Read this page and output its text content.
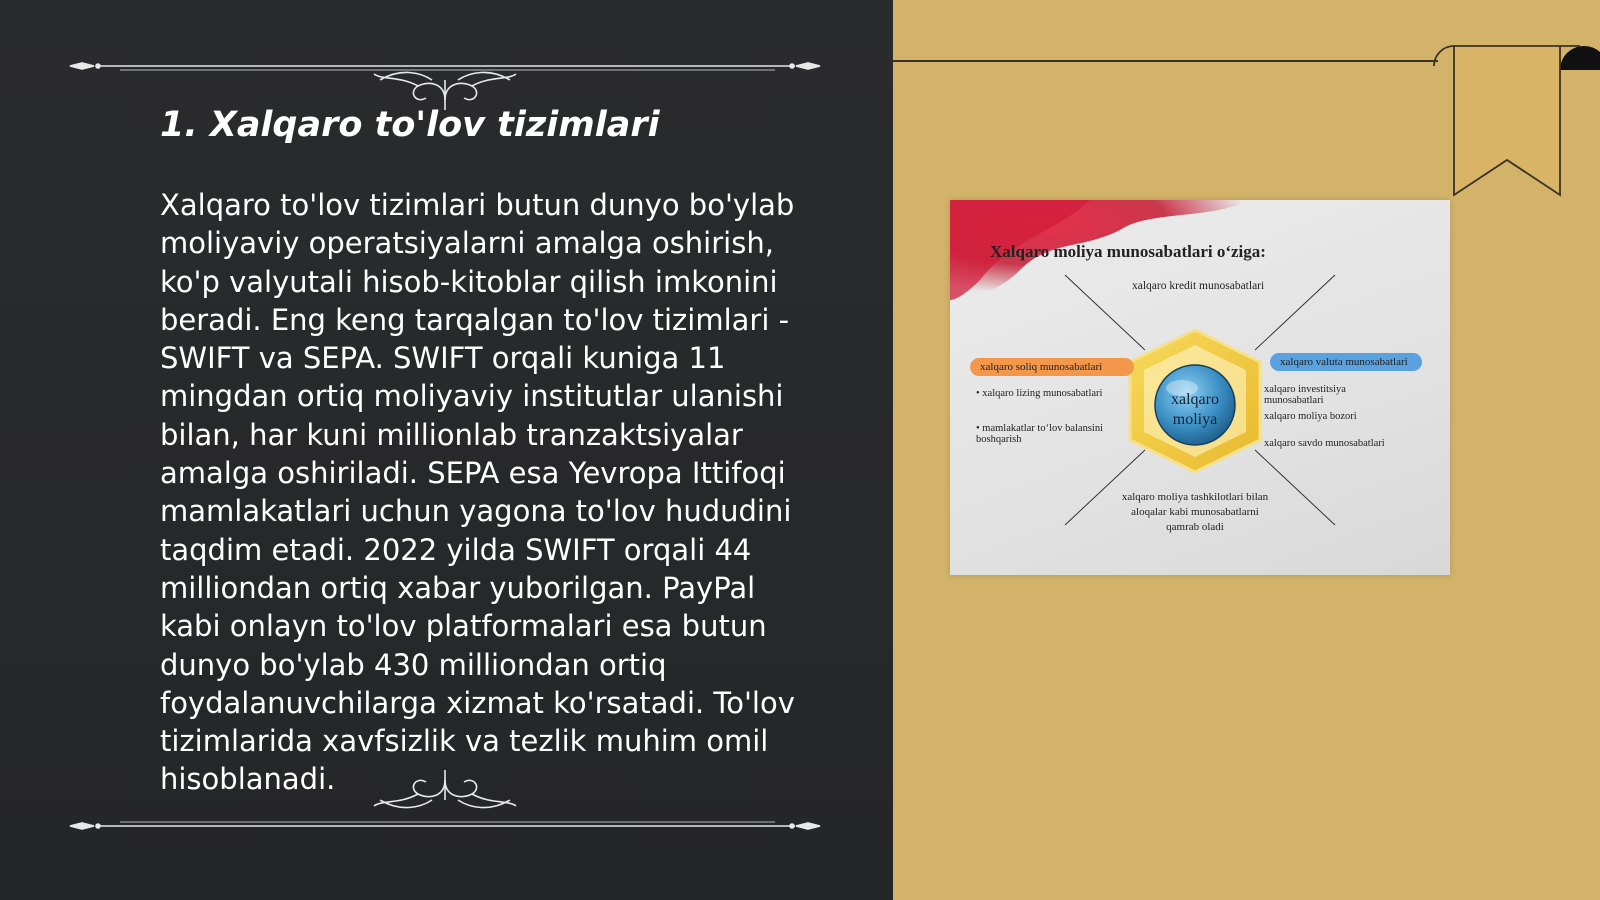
1. Xalqaro to'lov tizimlari

Xalqaro to'lov tizimlari butun dunyo bo'ylab
moliyaviy operatsiyalarni amalga oshirish,
ko'p valyutali hisob-kitoblar qilish imkonini
beradi. Eng keng tarqalgan to'lov tizimlari -
SWIFT va SEPA. SWIFT orqali kuniga 11
mingdan ortiq moliyaviy institutlar ulanishi
bilan, har kuni millionlab tranzaktsiyalar
amalga oshiriladi. SEPA esa Yevropa Ittifoqi
mamlakatlari uchun yagona to'lov hududini
taqdim etadi. 2022 yilda SWIFT orqali 44
milliondan ortiq xabar yuborilgan. PayPal
kabi onlayn to'lov platformalari esa butun
dunyo bo'ylab 430 milliondan ortiq
foydalanuvchilarga xizmat ko'rsatadi. To'lov
tizimlarida xavfsizlik va tezlik muhim omil
hisoblanadi.

Xalqaro moliya munosabatlari o‘ziga:
xalqaro kredit munosabatlari
xalqaro soliq munosabatlari	xalqaro valuta munosabatlari
• xalqaro lizing munosabatlari
• mamlakatlar to‘lov balansini
boshqarish
xalqaro investitsiya
munosabatlari
xalqaro moliya bozori
xalqaro savdo munosabatlari
xalqaro moliya tashkilotlari bilan
aloqalar kabi munosabatlarni
qamrab oladi
xalqaro
moliya
